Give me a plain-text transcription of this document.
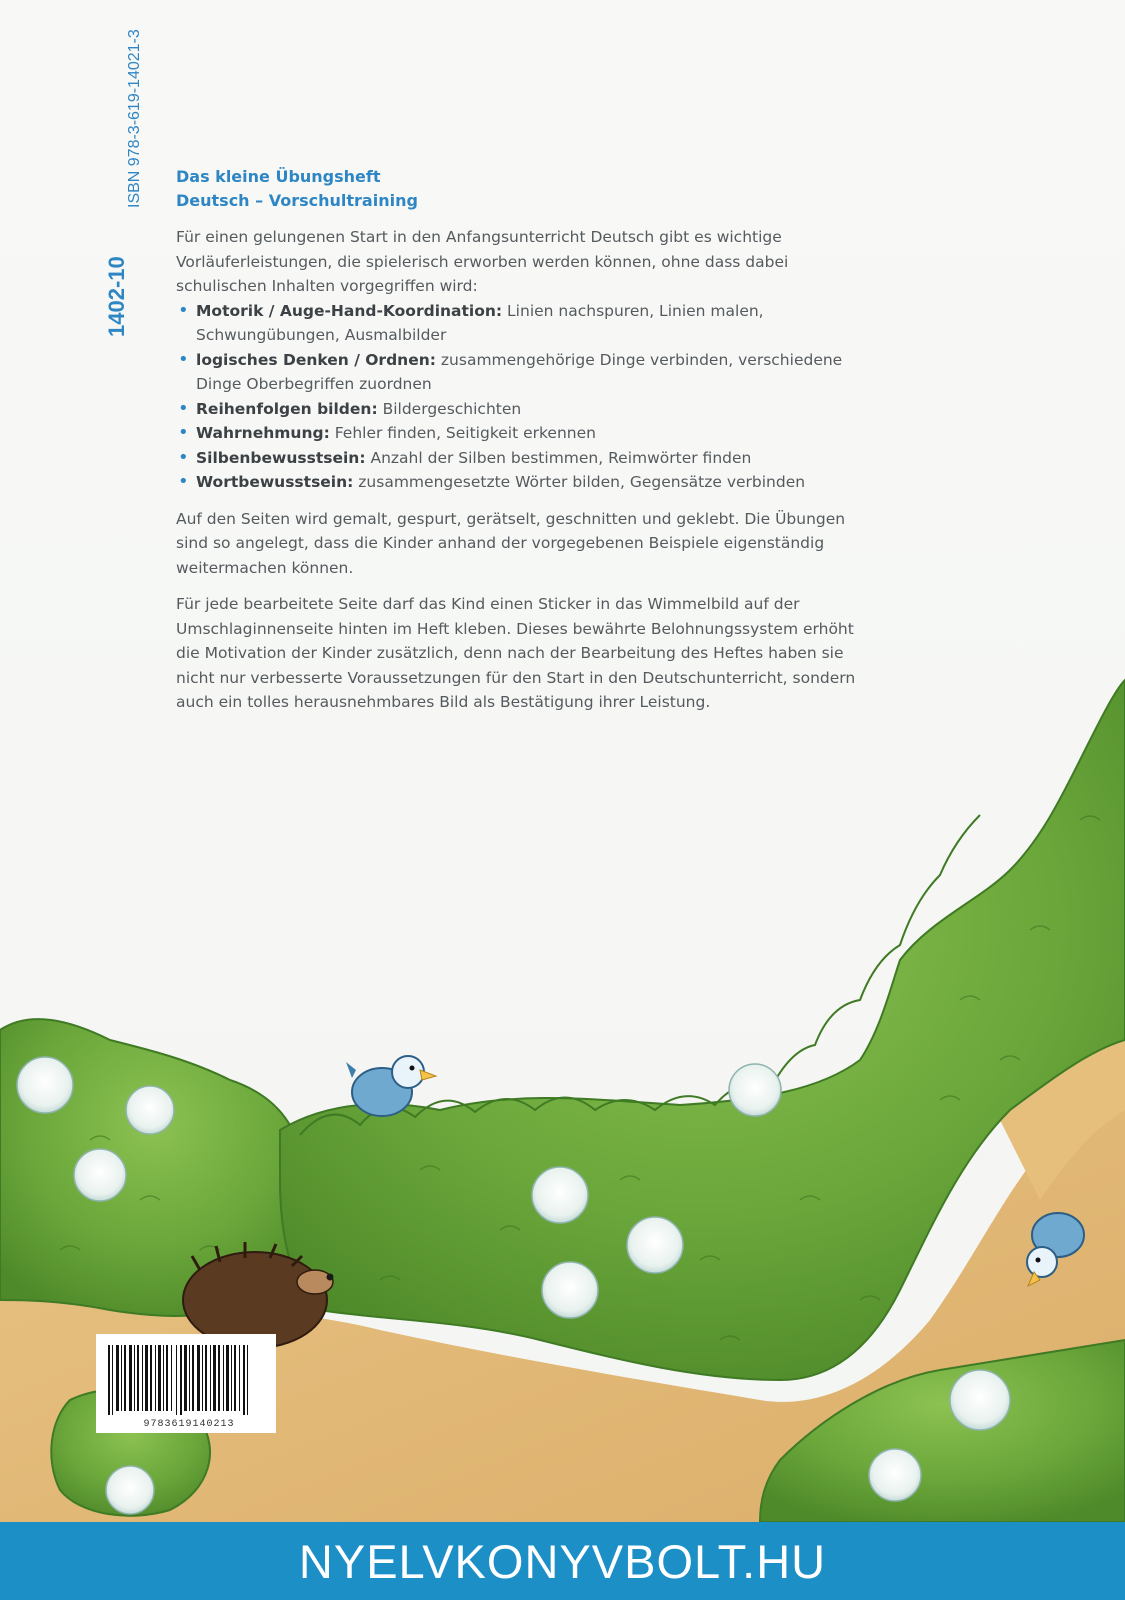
Das kleine Übungsheft
Deutsch – Vorschultraining

Für einen gelungenen Start in den Anfangsunterricht Deutsch gibt es wichtige Vorläuferleistungen, die spielerisch erworben werden können, ohne dass dabei schulischen Inhalten vorgegriffen wird:

• Motorik / Auge-Hand-Koordination: Linien nachspuren, Linien malen, Schwungübungen, Ausmalbilder
• logisches Denken / Ordnen: zusammengehörige Dinge verbinden, verschiedene Dinge Oberbegriffen zuordnen
• Reihenfolgen bilden: Bildergeschichten
• Wahrnehmung: Fehler finden, Seitigkeit erkennen
• Silbenbewusstsein: Anzahl der Silben bestimmen, Reimwörter finden
• Wortbewusstsein: zusammengesetzte Wörter bilden, Gegensätze verbinden

Auf den Seiten wird gemalt, gespurt, gerätselt, geschnitten und geklebt. Die Übungen sind so angelegt, dass die Kinder anhand der vorgegebenen Beispiele eigenständig weitermachen können.

Für jede bearbeitete Seite darf das Kind einen Sticker in das Wimmelbild auf der Umschlaginnenseite hinten im Heft kleben. Dieses bewährte Belohnungssystem erhöht die Motivation der Kinder zusätzlich, denn nach der Bearbeitung des Heftes haben sie nicht nur verbesserte Voraussetzungen für den Start in den Deutschunterricht, sondern auch ein tolles herausnehmbares Bild als Bestätigung ihrer Leistung.

1402-10
ISBN 978-3-619-14021-3
9783619140213
NYELVKONYVBOLT.HU
